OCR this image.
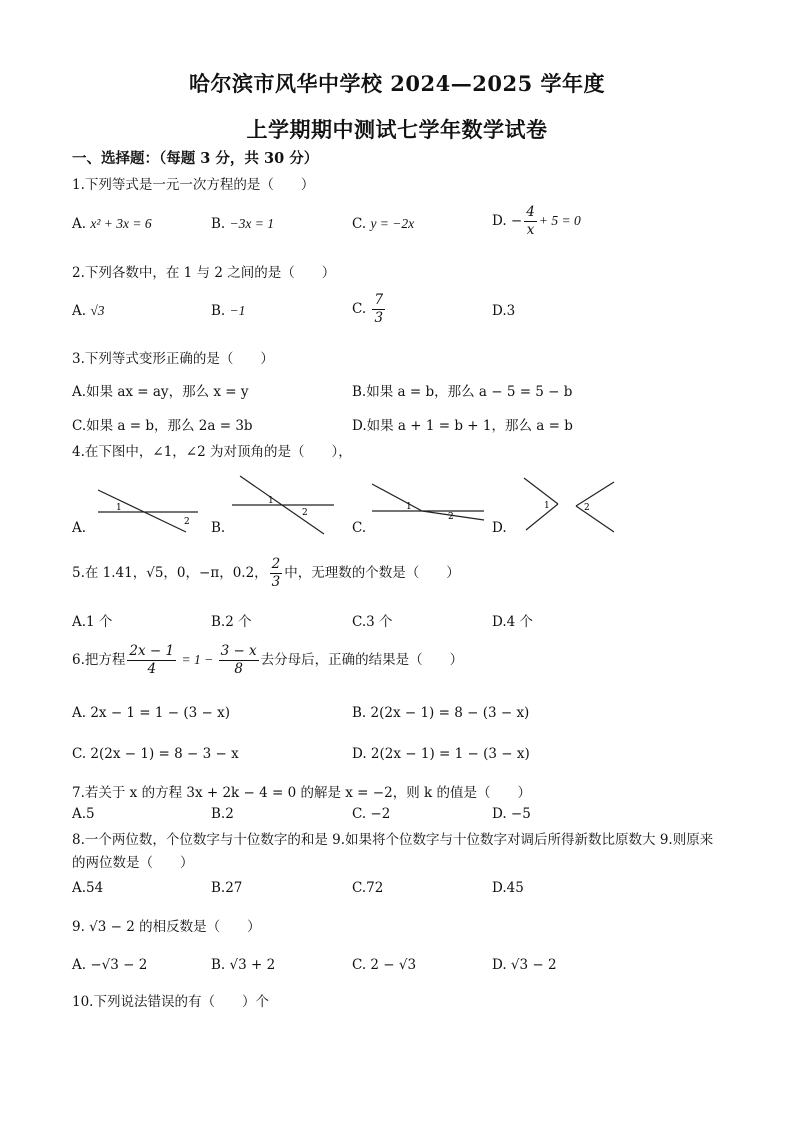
哈尔滨市风华中学校 2024—2025 学年度
上学期期中测试七学年数学试卷
一、选择题：（每题 3 分，共 30 分）
1.下列等式是一元一次方程的是（　　）
A. x² + 3x = 6	B. −3x = 1	C. y = −2x	D. − $\frac{4}{x} + 5 = 0$
2.下列各数中，在 1 与 2 之间的是（　　）
A. √3	B. −1	C. $\frac{7}{3}$	D.3
3.下列等式变形正确的是（　　）
A.如果 ax = ay，那么 x = y	B.如果 a = b，那么 a − 5 = 5 − b
C.如果 a = b，那么 2a = 3b	D.如果 a + 1 = b + 1，那么 a = b
4.在下图中，∠1，∠2 为对顶角的是（　　），
A.
1
2 B.
1
2
C.
1
2
D.
1	2
5.在 1.41，√5，0，−π，0.2， $\frac{2}{3}$ 中，无理数的个数是（　　）
A.1 个	B.2 个	C.3 个	D.4 个
6.把方程 $\frac{2x - 1}{4} = 1 - \frac{3 - x}{8}$ 去分母后，正确的结果是（　　）
A. 2x − 1 = 1 − (3 − x)	B. 2(2x − 1) = 8 − (3 − x)
C. 2(2x − 1) = 8 − 3 − x	D. 2(2x − 1) = 1 − (3 − x)
7.若关于 x 的方程 3x + 2k − 4 = 0 的解是 x = −2，则 k 的值是（　　）
A.5	B.2	C. −2	D. −5
8.一个两位数，个位数字与十位数字的和是 9.如果将个位数字与十位数字对调后所得新数比原数大 9.则原来的两位数是（　　）
A.54	B.27	C.72	D.45
9. √3 − 2 的相反数是（　　）
A. −√3 − 2	B. √3 + 2	C. 2 − √3	D. √3 − 2
10.下列说法错误的有（　　）个
